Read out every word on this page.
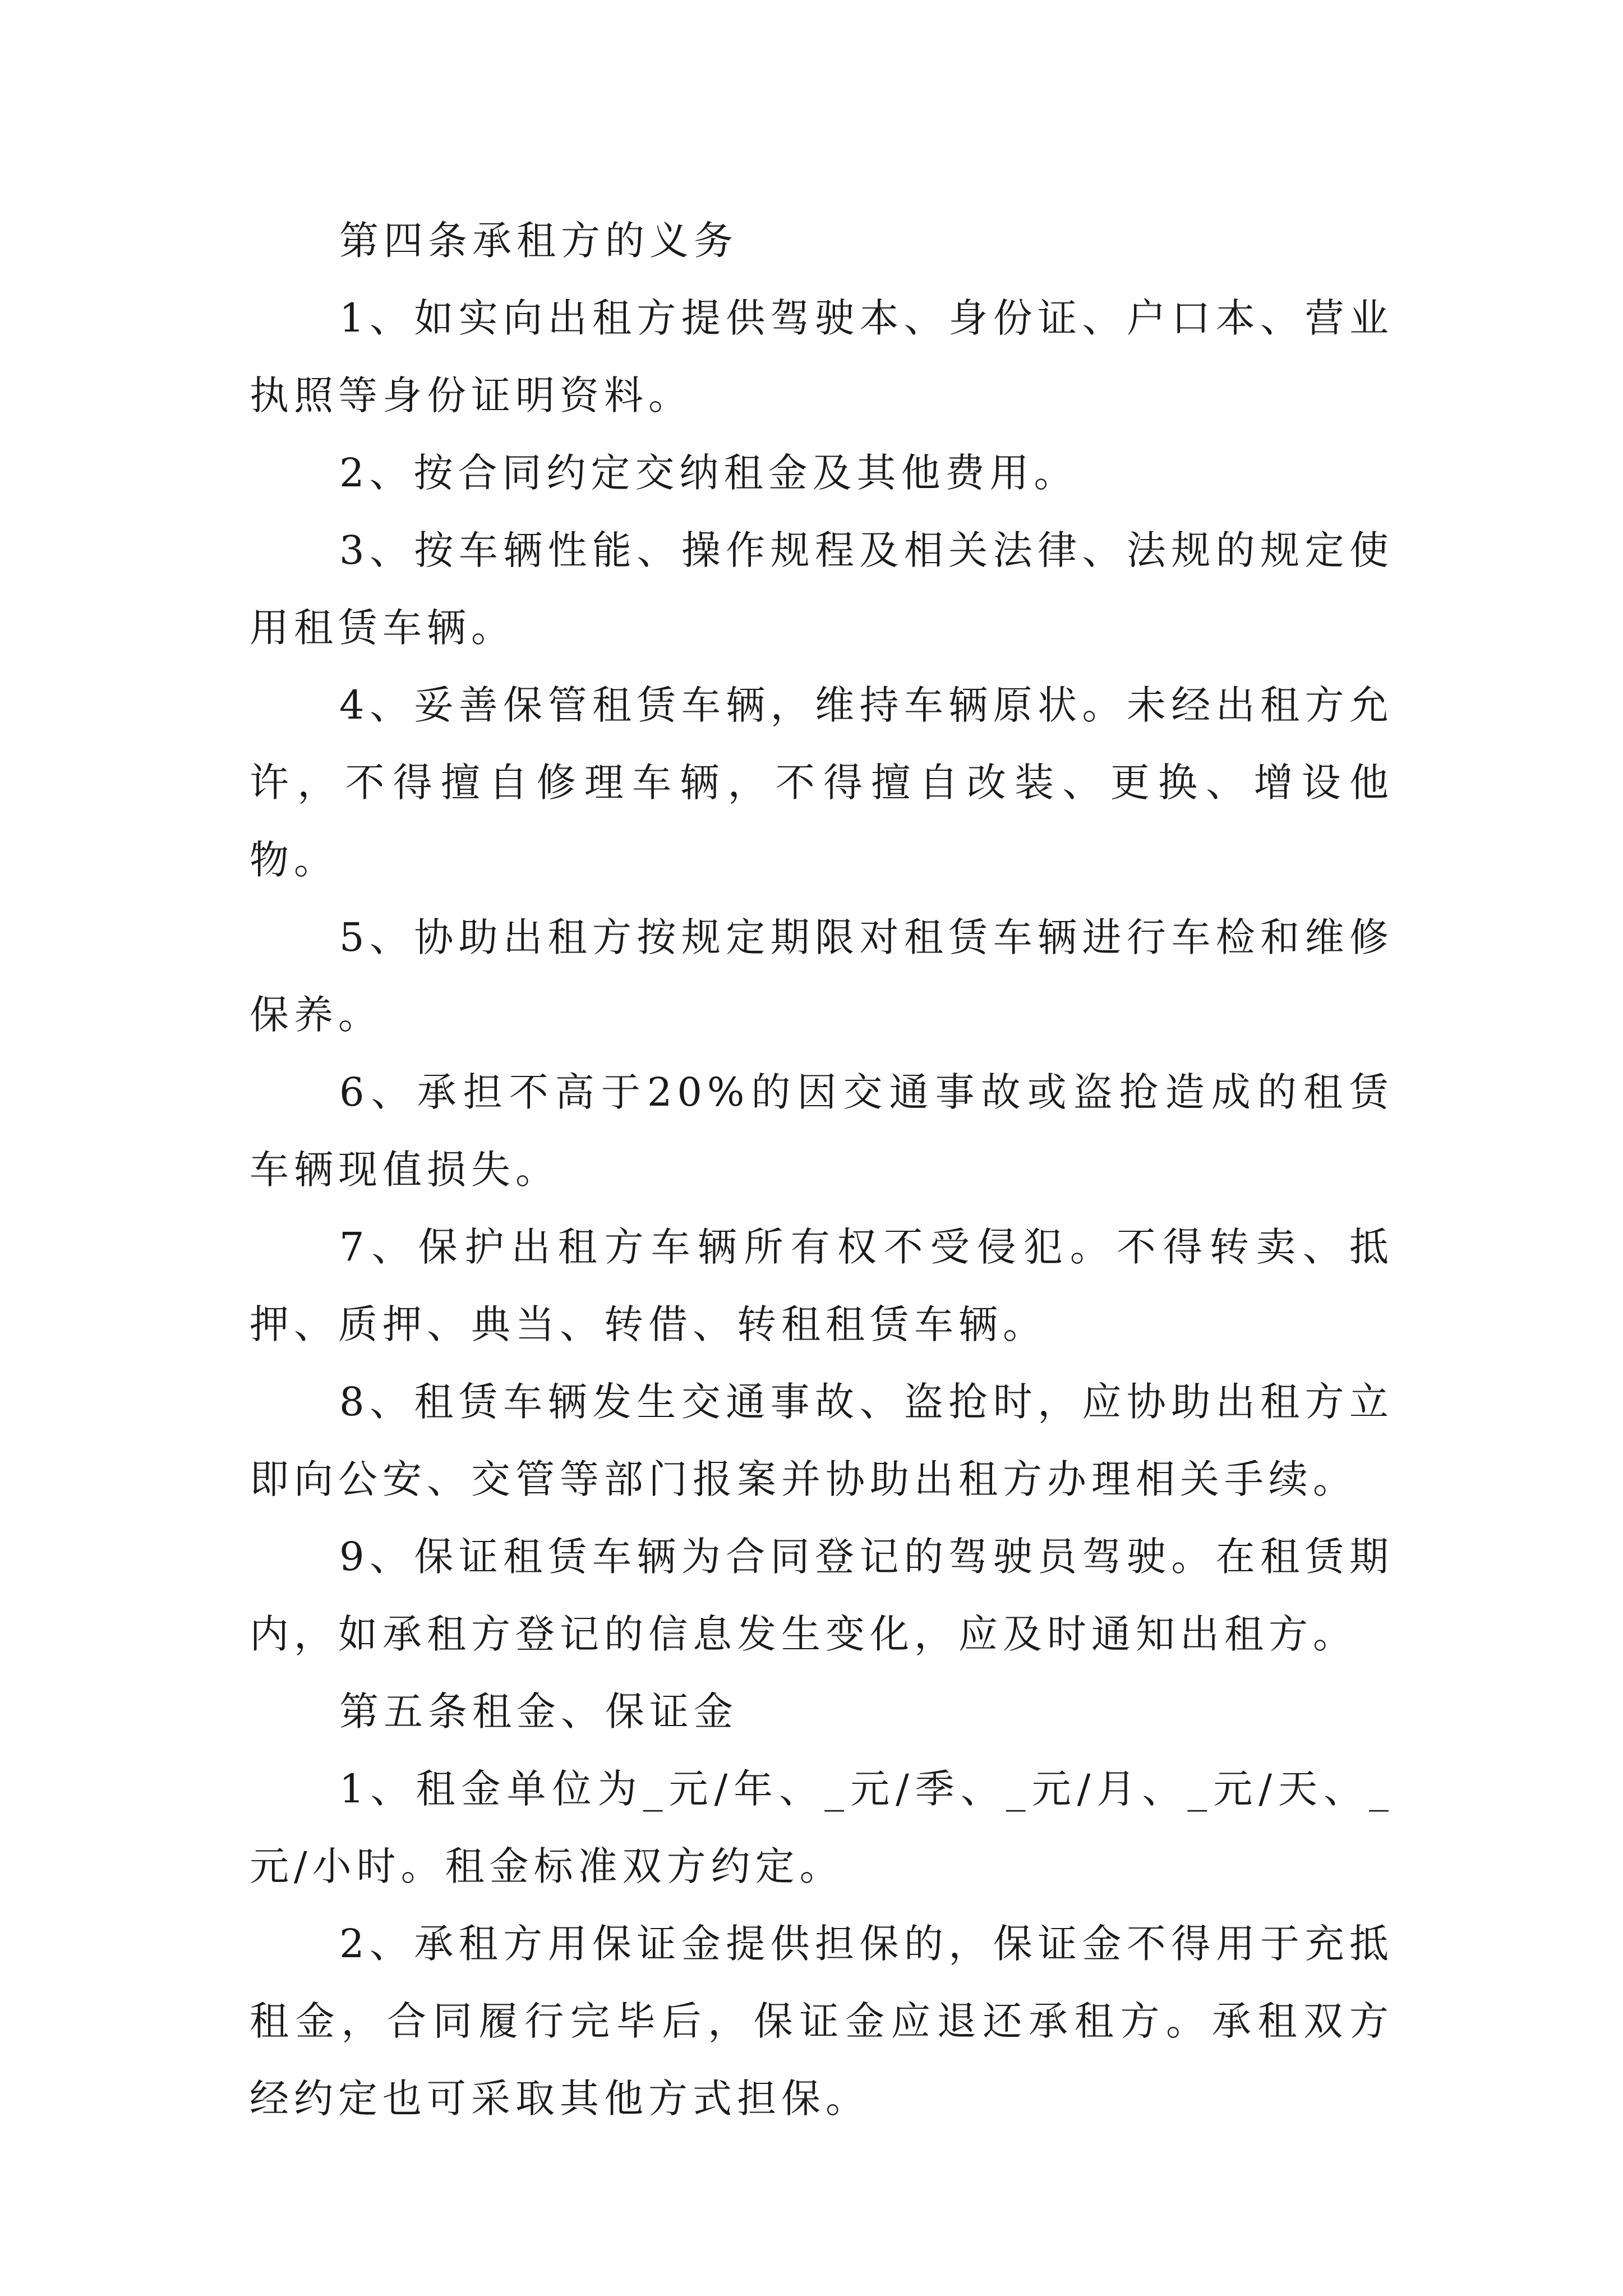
第四条承租方的义务

1、如实向出租方提供驾驶本、身份证、户口本、营业执照等身份证明资料。

2、按合同约定交纳租金及其他费用。

3、按车辆性能、操作规程及相关法律、法规的规定使用租赁车辆。

4、妥善保管租赁车辆，维持车辆原状。未经出租方允许，不得擅自修理车辆，不得擅自改装、更换、增设他物。

5、协助出租方按规定期限对租赁车辆进行车检和维修保养。

6、承担不高于20%的因交通事故或盗抢造成的租赁车辆现值损失。

7、保护出租方车辆所有权不受侵犯。不得转卖、抵押、质押、典当、转借、转租租赁车辆。

8、租赁车辆发生交通事故、盗抢时，应协助出租方立即向公安、交管等部门报案并协助出租方办理相关手续。

9、保证租赁车辆为合同登记的驾驶员驾驶。在租赁期内，如承租方登记的信息发生变化，应及时通知出租方。

第五条租金、保证金

1、租金单位为_元/年、_元/季、_元/月、_元/天、_元/小时。租金标准双方约定。

2、承租方用保证金提供担保的，保证金不得用于充抵租金，合同履行完毕后，保证金应退还承租方。承租双方经约定也可采取其他方式担保。
